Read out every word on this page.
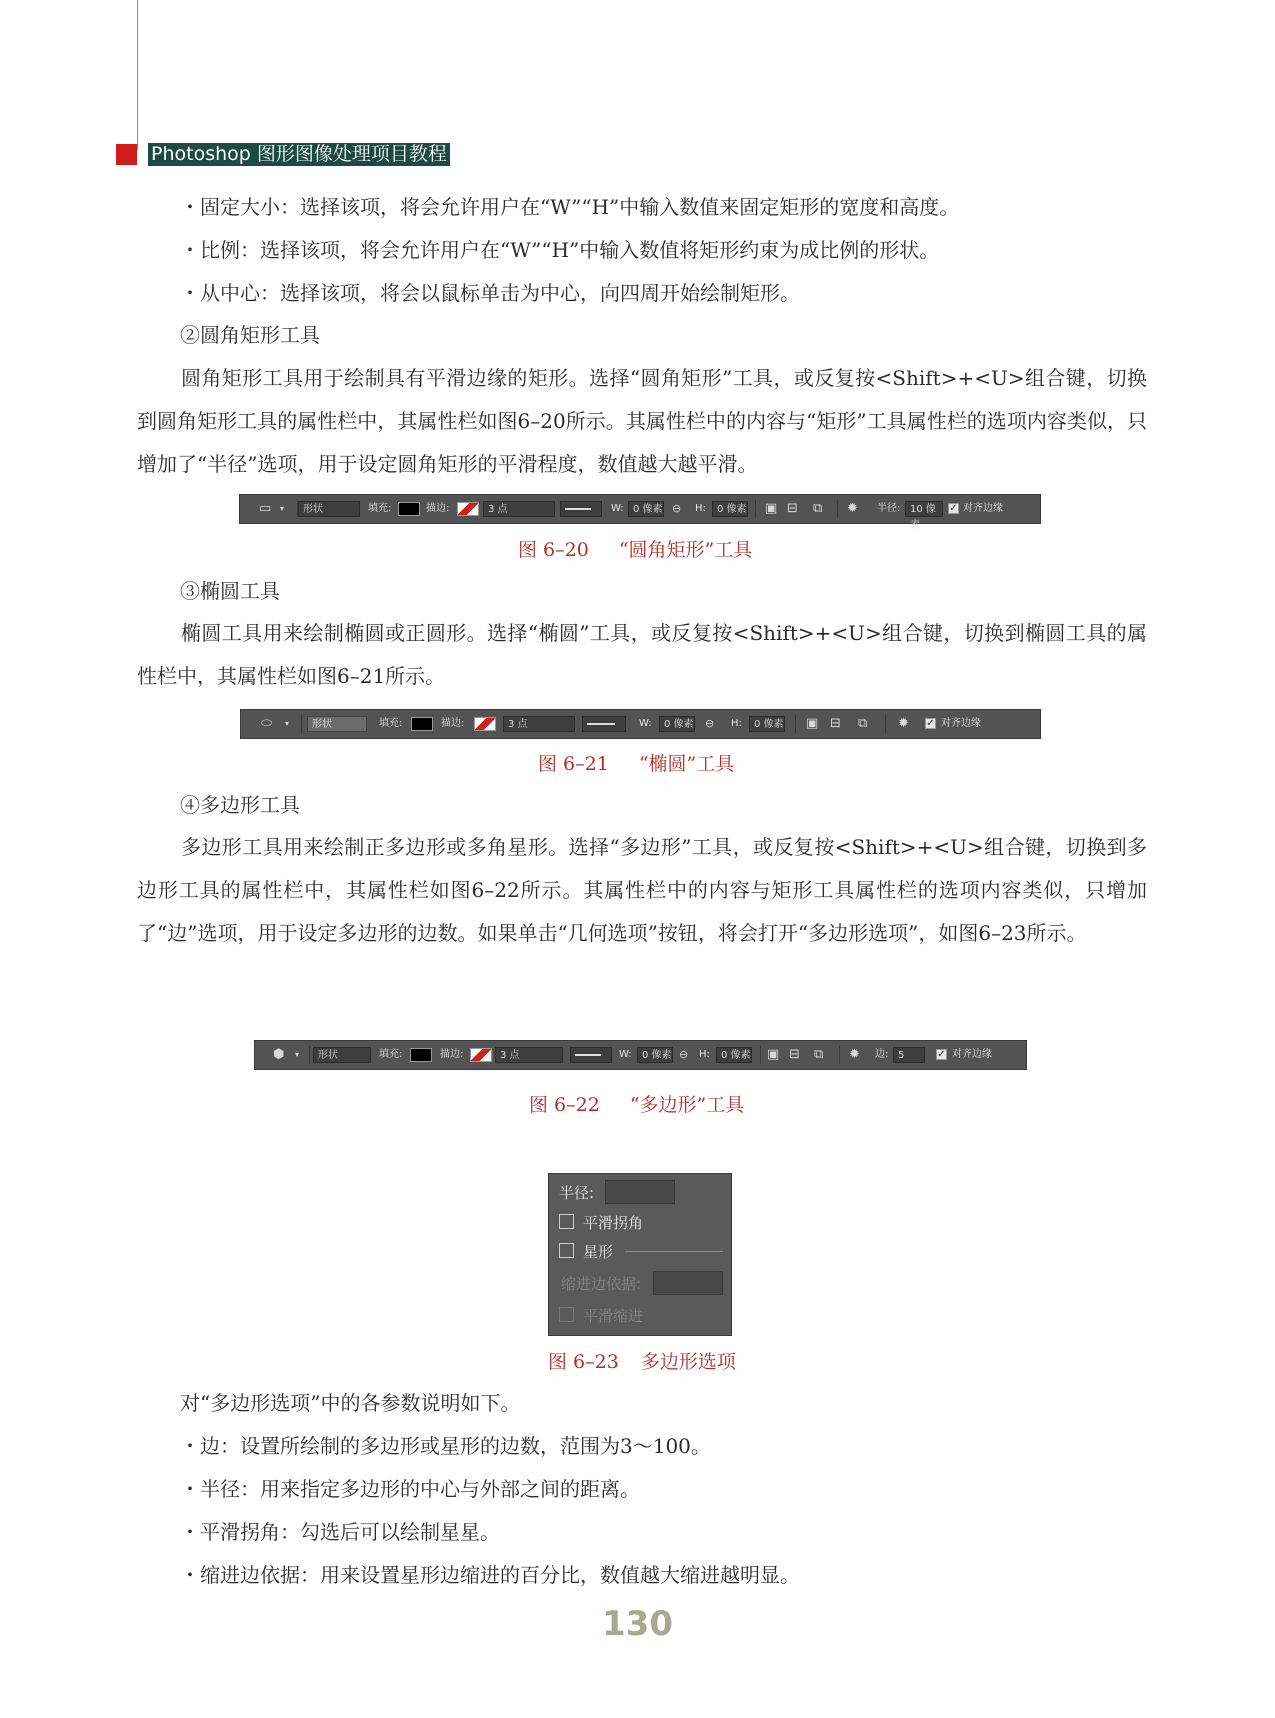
Photoshop 图形图像处理项目教程
・固定大小：选择该项，将会允许用户在“W”“H”中输入数值来固定矩形的宽度和高度。
・比例：选择该项，将会允许用户在“W”“H”中输入数值将矩形约束为成比例的形状。
・从中心：选择该项，将会以鼠标单击为中心，向四周开始绘制矩形。
②圆角矩形工具
圆角矩形工具用于绘制具有平滑边缘的矩形。选择“圆角矩形”工具，或反复按<Shift>+<U>组合键，切换到圆角矩形工具的属性栏中，其属性栏如图6–20所示。其属性栏中的内容与“矩形”工具属性栏的选项内容类似，只增加了“半径”选项，用于设定圆角矩形的平滑程度，数值越大越平滑。
▭ ▾	形状	填充:	描边:	3 点	W: 0 像素 ⊖ H:	0 像素 ▣ ⊟ ⧉ ✹ 半径: 10 像素
✓ 对齐边缘
图 6–20 “圆角矩形”工具
③椭圆工具
椭圆工具用来绘制椭圆或正圆形。选择“椭圆”工具，或反复按<Shift>+<U>组合键，切换到椭圆工具的属性栏中，其属性栏如图6–21所示。
⬭ ▾	形状	填充:	描边:	3 点	W:	0 像素 ⊖ H:	0 像素 ▣ ⊟ ⧉ ✹ ✓ 对齐边缘
图 6–21 “椭圆”工具
④多边形工具
多边形工具用来绘制正多边形或多角星形。选择“多边形”工具，或反复按<Shift>+<U>组合键，切换到多边形工具的属性栏中，其属性栏如图6–22所示。其属性栏中的内容与矩形工具属性栏的选项内容类似，只增加了“边”选项，用于设定多边形的边数。如果单击“几何选项”按钮，将会打开“多边形选项”，如图6–23所示。
⬢ ▾	形状	填充:	描边:	3 点	W:	0 像素 ⊖ H:	0 像素 ▣ ⊟ ⧉ ✹ 边: 5	✓ 对齐边缘
图 6–22 “多边形”工具
半径:
平滑拐角
星形
缩进边依据:
平滑缩进
图 6–23 多边形选项
对“多边形选项”中的各参数说明如下。
・边：设置所绘制的多边形或星形的边数，范围为3～100。
・半径：用来指定多边形的中心与外部之间的距离。
・平滑拐角：勾选后可以绘制星星。
・缩进边依据：用来设置星形边缩进的百分比，数值越大缩进越明显。
130
